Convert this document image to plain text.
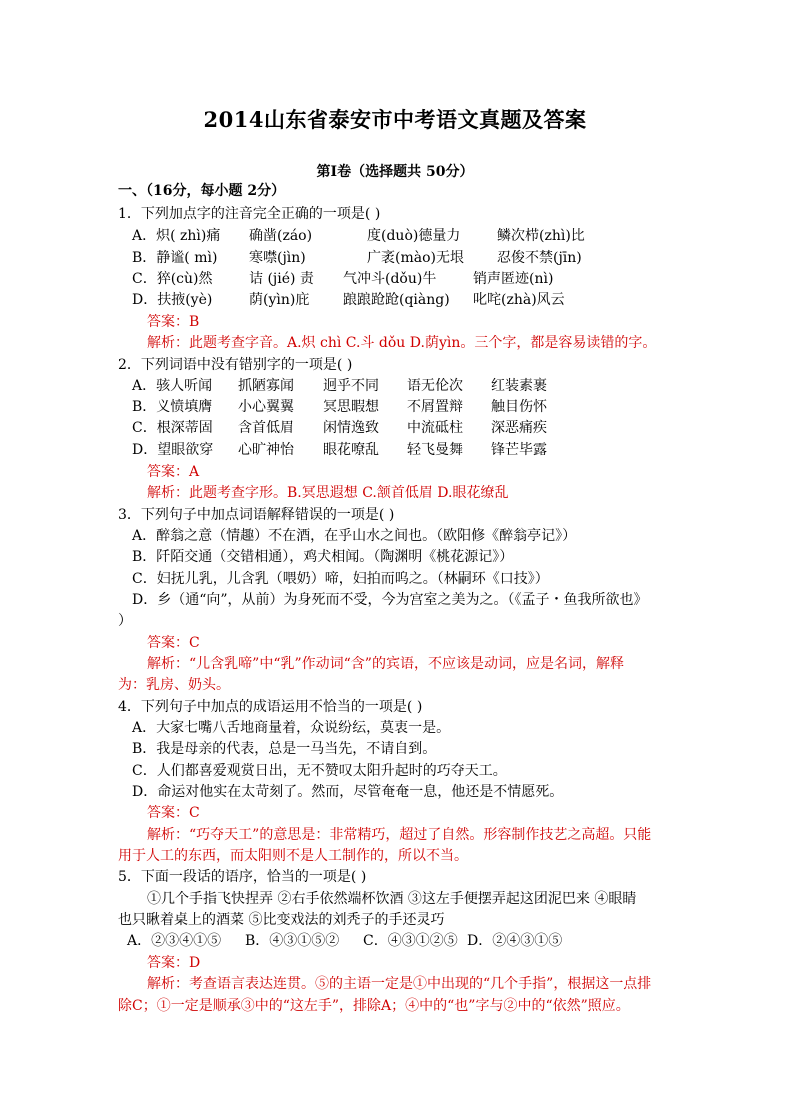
2014山东省泰安市中考语文真题及答案
第Ⅰ卷（选择题共 50分）
一、（16分，每小题 2分）
1．下列加点字的注音完全正确的一项是( )
A．炽( zhì)痛 确凿(záo)	度(duò)德量力	鳞次栉(zhì)比
B．静谧( mì) 寒噤(jìn)	广袤(mào)无垠 忍俊不禁(jīn)
C．猝(cù)然	诘 (jié) 责 气冲斗(dǒu)牛	销声匿迹(nì)
D．扶掖(yè)	荫(yìn)庇 踉踉跄跄(qiàng) 叱咤(zhà)风云
答案：B
解析：此题考查字音。A.炽 chì C.斗 dǒu D.荫yìn。三个字，都是容易读错的字。
2．下列词语中没有错别字的一项是( )
A．骇人听闻 抓陋寡闻 迥乎不同 语无伦次 红装素裹
B．义愤填膺 小心翼翼 冥思暇想 不屑置辩 触目伤怀
C．根深蒂固 含首低眉 闲情逸致 中流砥柱 深恶痛疾
D．望眼欲穿 心旷神怡 眼花嘹乱 轻飞曼舞 锋芒毕露
答案：A
解析：此题考查字形。B.冥思遐想 C.颔首低眉 D.眼花缭乱
3．下列句子中加点词语解释错误的一项是( )
A．醉翁之意（情趣）不在酒，在乎山水之间也。（欧阳修《醉翁亭记》）
B．阡陌交通（交错相通），鸡犬相闻。（陶渊明《桃花源记》）
C．妇抚儿乳，儿含乳（喂奶）啼，妇拍而呜之。（林嗣环《口技》）
D．乡（通“向”，从前）为身死而不受，今为宫室之美为之。（《孟子・鱼我所欲也》
）
答案：C
解析：“儿含乳啼”中“乳”作动词“含”的宾语，不应该是动词，应是名词，解释
为：乳房、奶头。
4．下列句子中加点的成语运用不恰当的一项是( )
A．大家七嘴八舌地商量着，众说纷纭，莫衷一是。
B．我是母亲的代表，总是一马当先，不请自到。
C．人们都喜爱观赏日出，无不赞叹太阳升起时的巧夺天工。
D．命运对他实在太苛刻了。然而，尽管奄奄一息，他还是不情愿死。
答案：C
解析：“巧夺天工”的意思是：非常精巧，超过了自然。形容制作技艺之高超。只能
用于人工的东西，而太阳则不是人工制作的，所以不当。
5．下面一段话的语序，恰当的一项是( )
①几个手指飞快捏弄 ②右手依然端杯饮酒 ③这左手便摆弄起这团泥巴来 ④眼睛
也只瞅着桌上的酒菜 ⑤比变戏法的刘秃子的手还灵巧
A．②③④①⑤ B．④③①⑤② C．④③①②⑤ D．②④③①⑤
答案：D
解析：考查语言表达连贯。⑤的主语一定是①中出现的“几个手指”，根据这一点排
除C；①一定是顺承③中的“这左手”，排除A；④中的“也”字与②中的“依然”照应。
